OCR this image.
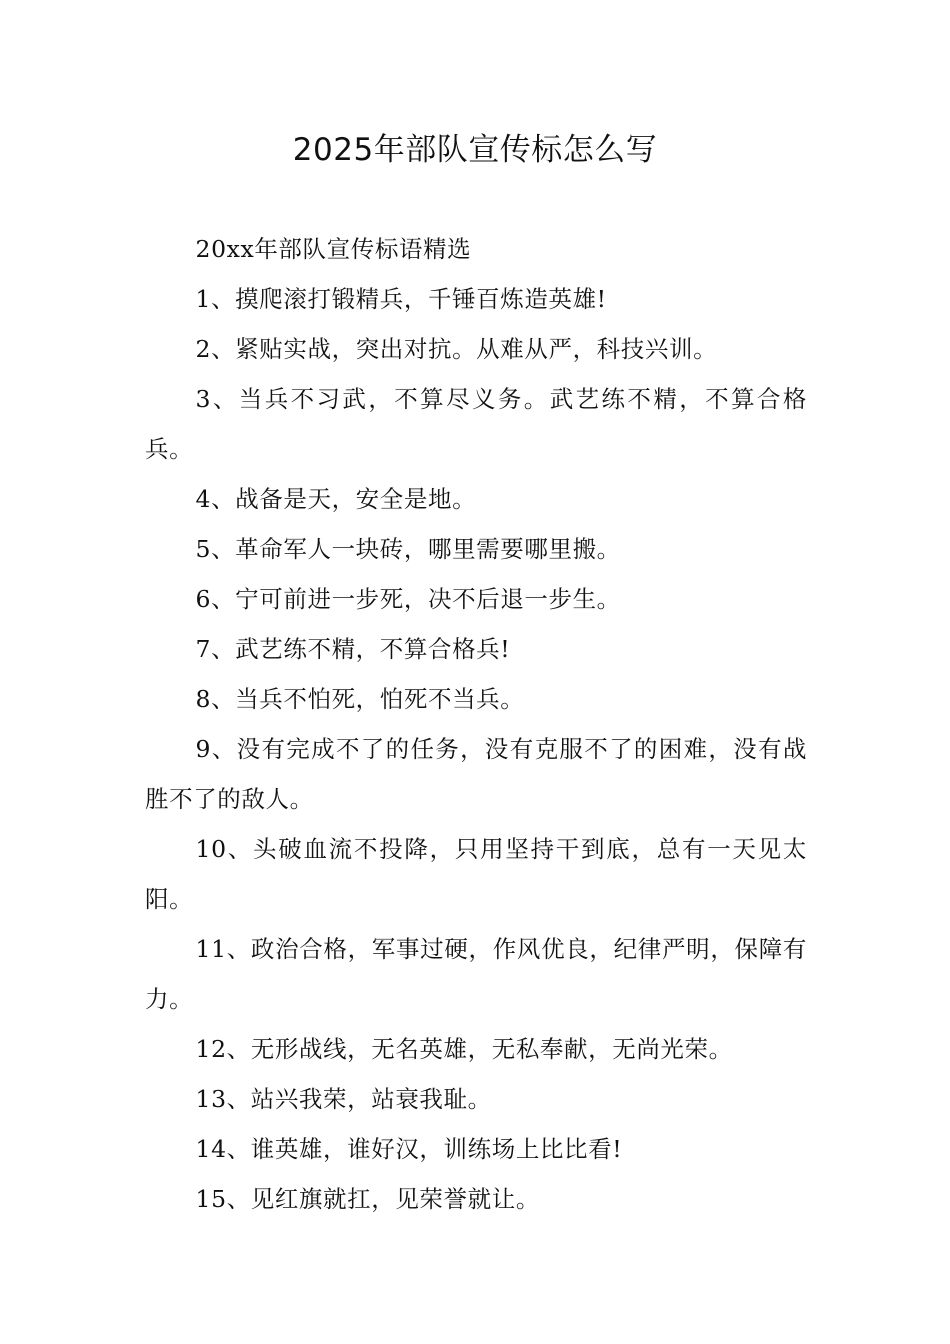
2025年部队宣传标怎么写

20xx年部队宣传标语精选

1、摸爬滚打锻精兵，千锤百炼造英雄!

2、紧贴实战，突出对抗。从难从严，科技兴训。

3、当兵不习武，不算尽义务。武艺练不精，不算合格兵。

4、战备是天，安全是地。

5、革命军人一块砖，哪里需要哪里搬。

6、宁可前进一步死，决不后退一步生。

7、武艺练不精，不算合格兵!

8、当兵不怕死，怕死不当兵。

9、没有完成不了的任务，没有克服不了的困难，没有战胜不了的敌人。

10、头破血流不投降，只用坚持干到底，总有一天见太阳。

11、政治合格，军事过硬，作风优良，纪律严明，保障有力。

12、无形战线，无名英雄，无私奉献，无尚光荣。

13、站兴我荣，站衰我耻。

14、谁英雄，谁好汉，训练场上比比看!

15、见红旗就扛，见荣誉就让。
